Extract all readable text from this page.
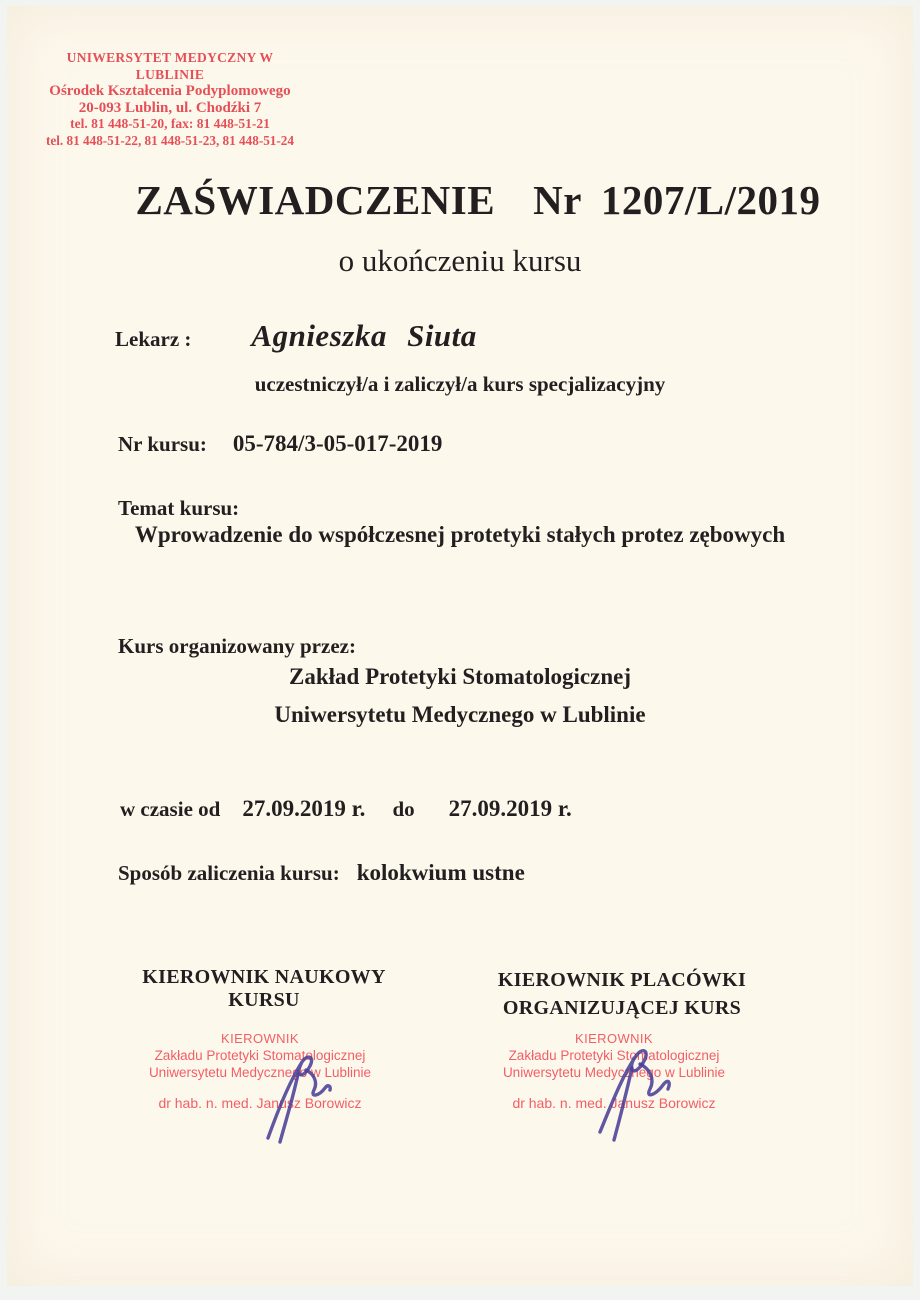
UNIWERSYTET MEDYCZNY W LUBLINIE
Ośrodek Kształcenia Podyplomowego
20-093 Lublin, ul. Chodźki 7
tel. 81 448-51-20, fax: 81 448-51-21
tel. 81 448-51-22, 81 448-51-23, 81 448-51-24
ZAŚWIADCZENIE Nr 1207/L/2019
o ukończeniu kursu
Lekarz : Agnieszka Siuta
uczestniczył/a i zaliczył/a kurs specjalizacyjny
Nr kursu: 05-784/3-05-017-2019
Temat kursu:
Wprowadzenie do współczesnej protetyki stałych protez zębowych
Kurs organizowany przez:
Zakład Protetyki Stomatologicznej
Uniwersytetu Medycznego w Lublinie
w czasie od 27.09.2019 r. do 27.09.2019 r.
Sposób zaliczenia kursu: kolokwium ustne
KIEROWNIK NAUKOWY KURSU
KIEROWNIK PLACÓWKI
ORGANIZUJĄCEJ KURS
KIEROWNIK
Zakładu Protetyki Stomatologicznej
Uniwersytetu Medycznego w Lublinie
dr hab. n. med. Janusz Borowicz
KIEROWNIK
Zakładu Protetyki Stomatologicznej
Uniwersytetu Medycznego w Lublinie
dr hab. n. med. Janusz Borowicz
